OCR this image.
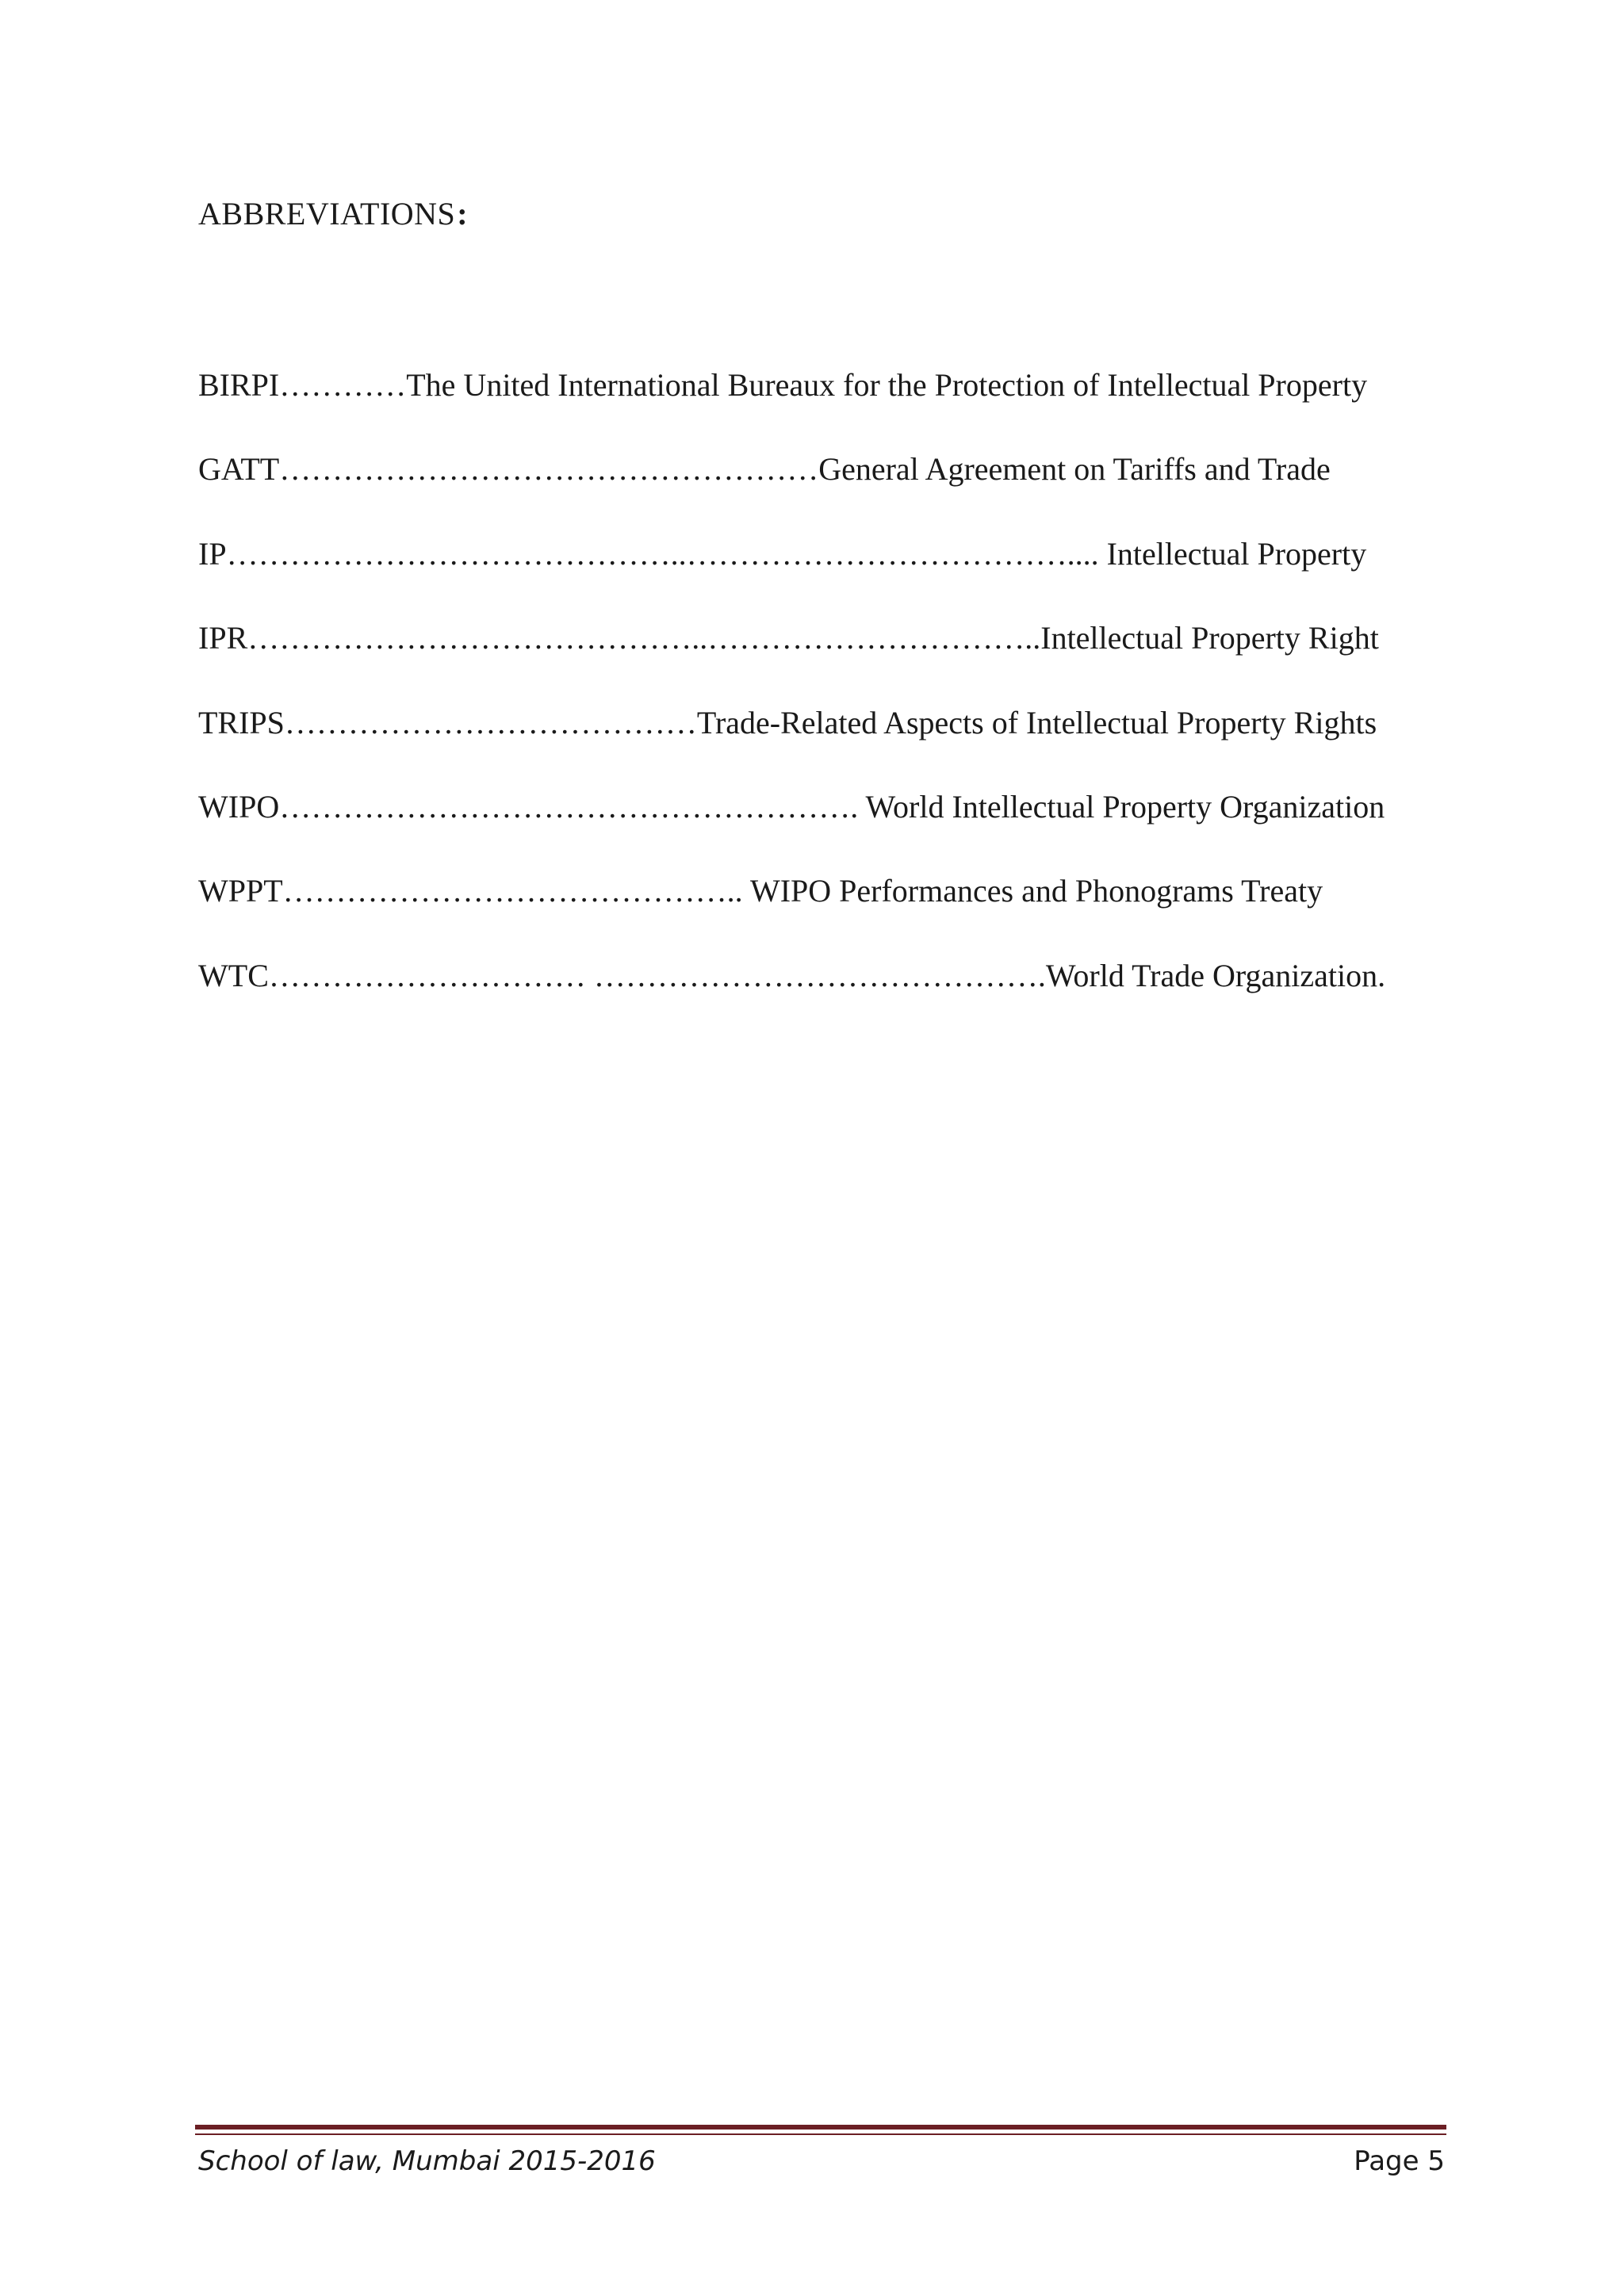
ABBREVIATIONS:
BIRPI…………The United International Bureaux for the Protection of Intellectual Property
GATT……………………………………………General Agreement on Tariffs and Trade
IP……………………………………..……………………………….... Intellectual Property
IPR……………………………………..…………………………..Intellectual Property Right
TRIPS…………………………………Trade-Related Aspects of Intellectual Property Rights
WIPO………………………………………………. World Intellectual Property Organization
WPPT…………………………………….. WIPO Performances and Phonograms Treaty
WTC………………………… …………………………………….World Trade Organization.
School of law, Mumbai 2015-2016	Page 5
